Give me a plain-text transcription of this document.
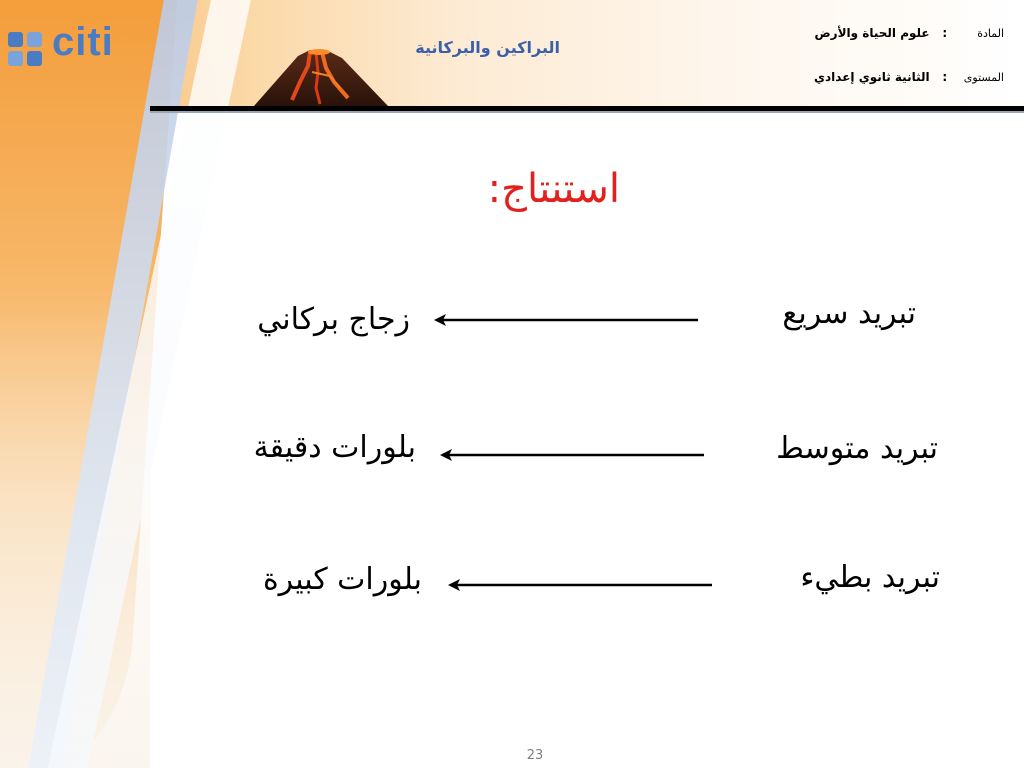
citi	البراكين والبركانية
المادة : علوم الحياة والأرض
المستوى : الثانية ثانوي إعدادي
استنتاج:
تبريد سريع
زجاج بركاني
تبريد متوسط
بلورات دقيقة
تبريد بطيء
بلورات كبيرة
23
